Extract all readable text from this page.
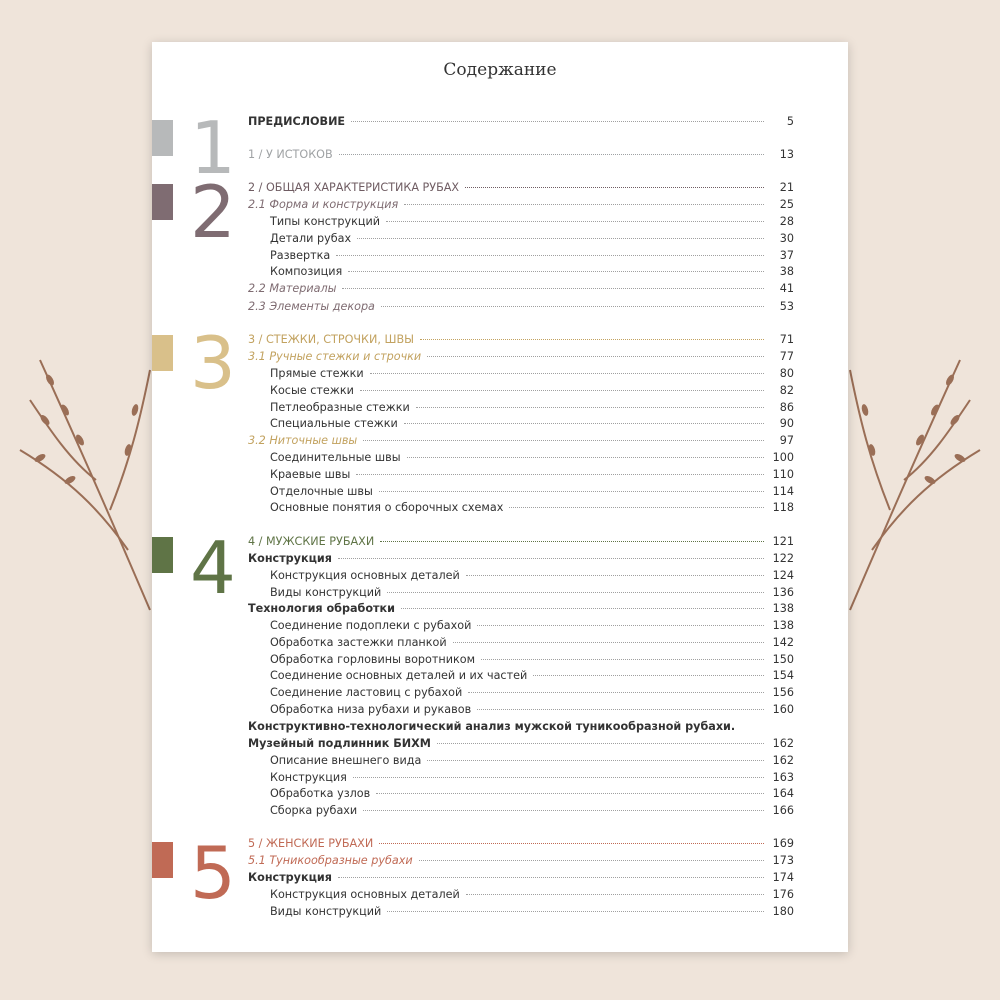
Содержание
1
2
3
4
5
ПРЕДИСЛОВИЕ	5
1 / У ИСТОКОВ	13
2 / ОБЩАЯ ХАРАКТЕРИСТИКА РУБАХ	21
2.1 Форма и конструкция	25
Типы конструкций	28
Детали рубах	30
Развертка	37
Композиция	38
2.2 Материалы	41
2.3 Элементы декора	53
3 / СТЕЖКИ, СТРОЧКИ, ШВЫ	71
3.1 Ручные стежки и строчки	77
Прямые стежки	80
Косые стежки	82
Петлеобразные стежки	86
Специальные стежки	90
3.2 Ниточные швы	97
Соединительные швы	100
Краевые швы	110
Отделочные швы	114
Основные понятия о сборочных схемах	118
4 / МУЖСКИЕ РУБАХИ	121
Конструкция	122
Конструкция основных деталей	124
Виды конструкций	136
Технология обработки	138
Соединение подоплеки с рубахой	138
Обработка застежки планкой	142
Обработка горловины воротником	150
Соединение основных деталей и их частей	154
Соединение ластовиц с рубахой	156
Обработка низа рубахи и рукавов	160
Конструктивно-технологический анализ мужской туникообразной рубахи.
Музейный подлинник БИХМ	162
Описание внешнего вида	162
Конструкция	163
Обработка узлов	164
Сборка рубахи	166
5 / ЖЕНСКИЕ РУБАХИ	169
5.1 Туникообразные рубахи	173
Конструкция	174
Конструкция основных деталей	176
Виды конструкций	180
